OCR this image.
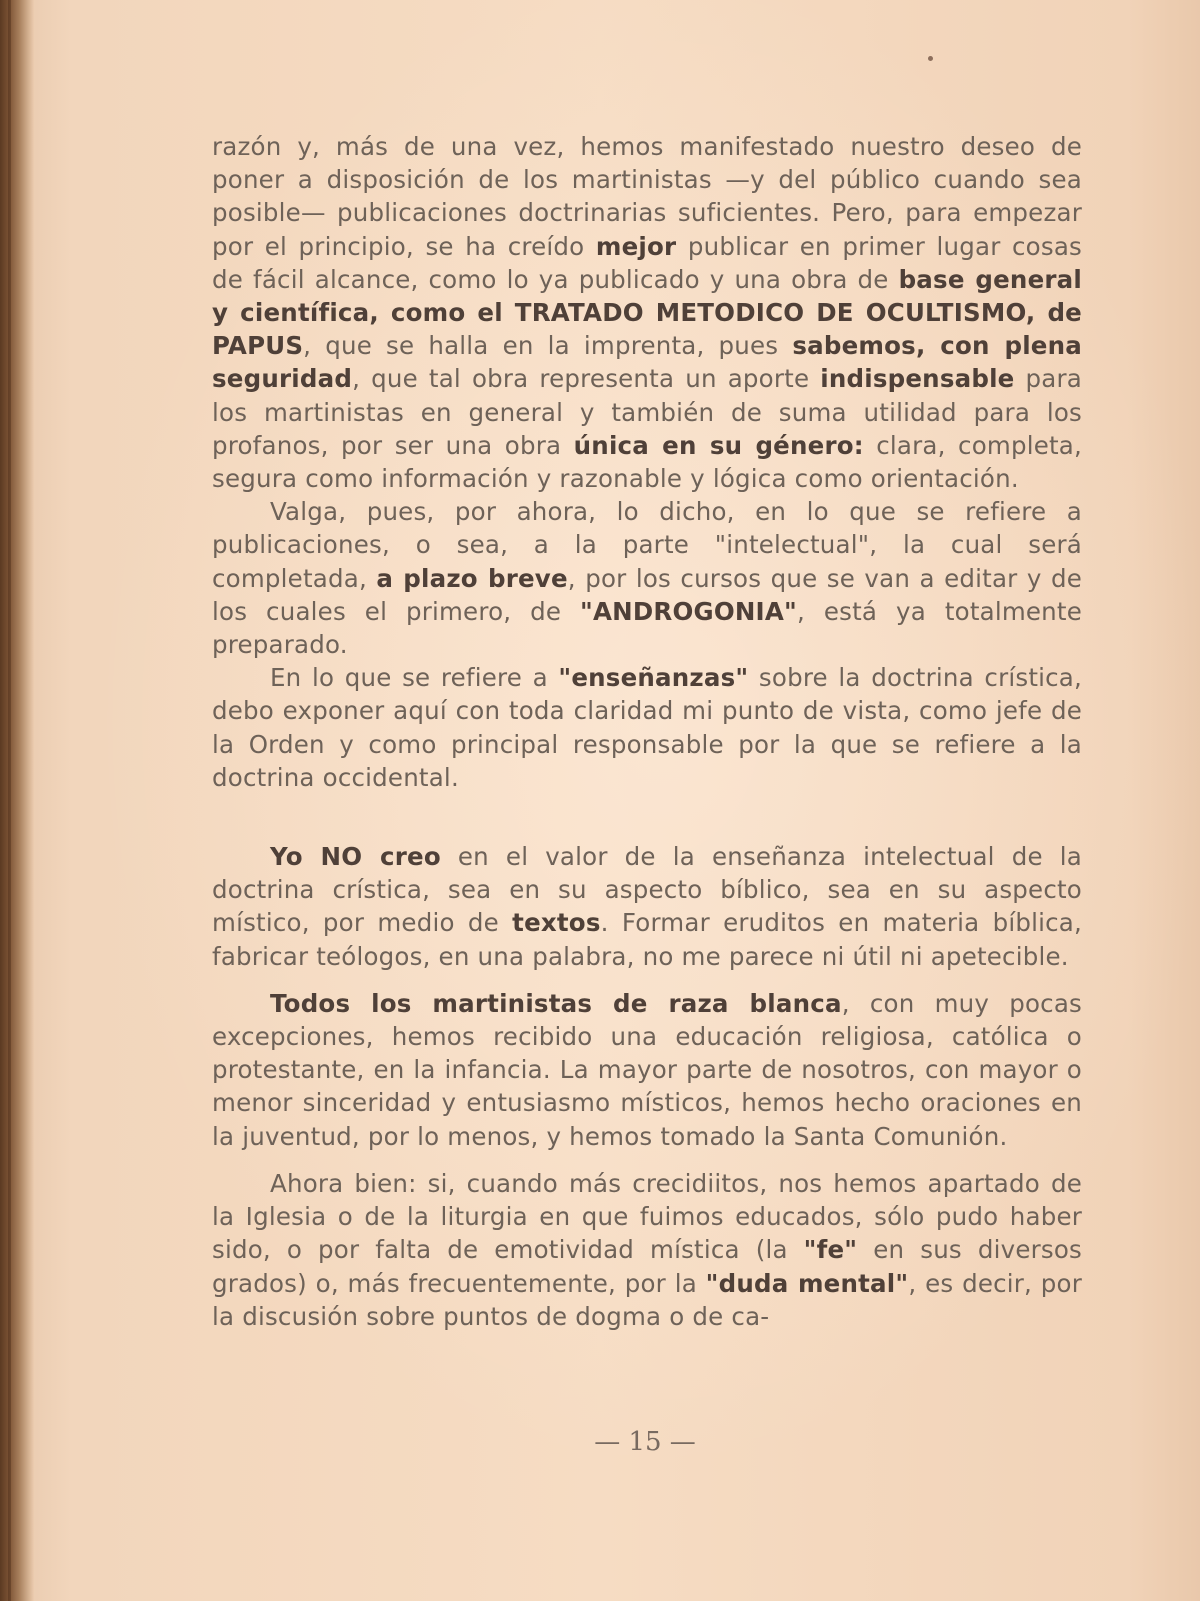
razón y, más de una vez, hemos manifestado nuestro deseo de poner a disposición de los martinistas —y del público cuando sea posible— publicaciones doctrinarias suficientes. Pero, para empezar por el principio, se ha creído mejor publicar en primer lugar cosas de fácil alcance, como lo ya publicado y una obra de base general y científica, como el TRATADO METODICO DE OCULTISMO, de PAPUS, que se halla en la imprenta, pues sabemos, con plena seguridad, que tal obra representa un aporte indispensable para los martinistas en general y también de suma utilidad para los profanos, por ser una obra única en su género: clara, completa, segura como información y razonable y lógica como orientación.

Valga, pues, por ahora, lo dicho, en lo que se refiere a publicaciones, o sea, a la parte "intelectual", la cual será completada, a plazo breve, por los cursos que se van a editar y de los cuales el primero, de "ANDROGONIA", está ya totalmente preparado.

En lo que se refiere a "enseñanzas" sobre la doctrina crística, debo exponer aquí con toda claridad mi punto de vista, como jefe de la Orden y como principal responsable por la que se refiere a la doctrina occidental.

Yo NO creo en el valor de la enseñanza intelectual de la doctrina crística, sea en su aspecto bíblico, sea en su aspecto místico, por medio de textos. Formar eruditos en materia bíblica, fabricar teólogos, en una palabra, no me parece ni útil ni apetecible.

Todos los martinistas de raza blanca, con muy pocas excepciones, hemos recibido una educación religiosa, católica o protestante, en la infancia. La mayor parte de nosotros, con mayor o menor sinceridad y entusiasmo místicos, hemos hecho oraciones en la juventud, por lo menos, y hemos tomado la Santa Comunión.

Ahora bien: si, cuando más crecidiitos, nos hemos apartado de la Iglesia o de la liturgia en que fuimos educados, sólo pudo haber sido, o por falta de emotividad mística (la "fe" en sus diversos grados) o, más frecuentemente, por la "duda mental", es decir, por la discusión sobre puntos de dogma o de ca-

— 15 —
